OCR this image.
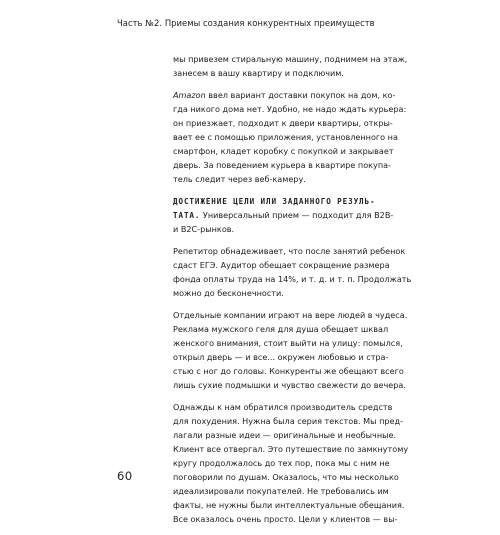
Часть №2. Приемы создания конкурентных преимуществ
мы привезем стиральную машину, поднимем на этаж,
занесем в вашу квартиру и подключим.
Amazon ввел вариант доставки покупок на дом, ко-
гда никого дома нет. Удобно, не надо ждать курьера:
он приезжает, подходит к двери квартиры, откры-
вает ее с помощью приложения, установленного на
смартфон, кладет коробку с покупкой и закрывает
дверь. За поведением курьера в квартире покупа-
тель следит через веб-камеру.
ДОСТИЖЕНИЕ ЦЕЛИ ИЛИ ЗАДАННОГО РЕЗУЛЬ-
ТАТА. Универсальный прием — подходит для B2B-
и B2C-рынков.
Репетитор обнадеживает, что после занятий ребенок
сдаст ЕГЭ. Аудитор обещает сокращение размера
фонда оплаты труда на 14%, и т. д. и т. п. Продолжать
можно до бесконечности.
Отдельные компании играют на вере людей в чудеса.
Реклама мужского геля для душа обещает шквал
женского внимания, стоит выйти на улицу: помылся,
открыл дверь — и все... окружен любовью и стра-
стью с ног до головы. Конкуренты же обещают всего
лишь сухие подмышки и чувство свежести до вечера.
Однажды к нам обратился производитель средств
для похудения. Нужна была серия текстов. Мы пред-
лагали разные идеи — оригинальные и необычные.
Клиент все отвергал. Это путешествие по замкнутому
кругу продолжалось до тех пор, пока мы с ним не
поговорили по душам. Оказалось, что мы несколько
идеализировали покупателей. Не требовались им
факты, не нужны были интеллектуальные обещания.
Все оказалось очень просто. Цели у клиентов — вы-
60
